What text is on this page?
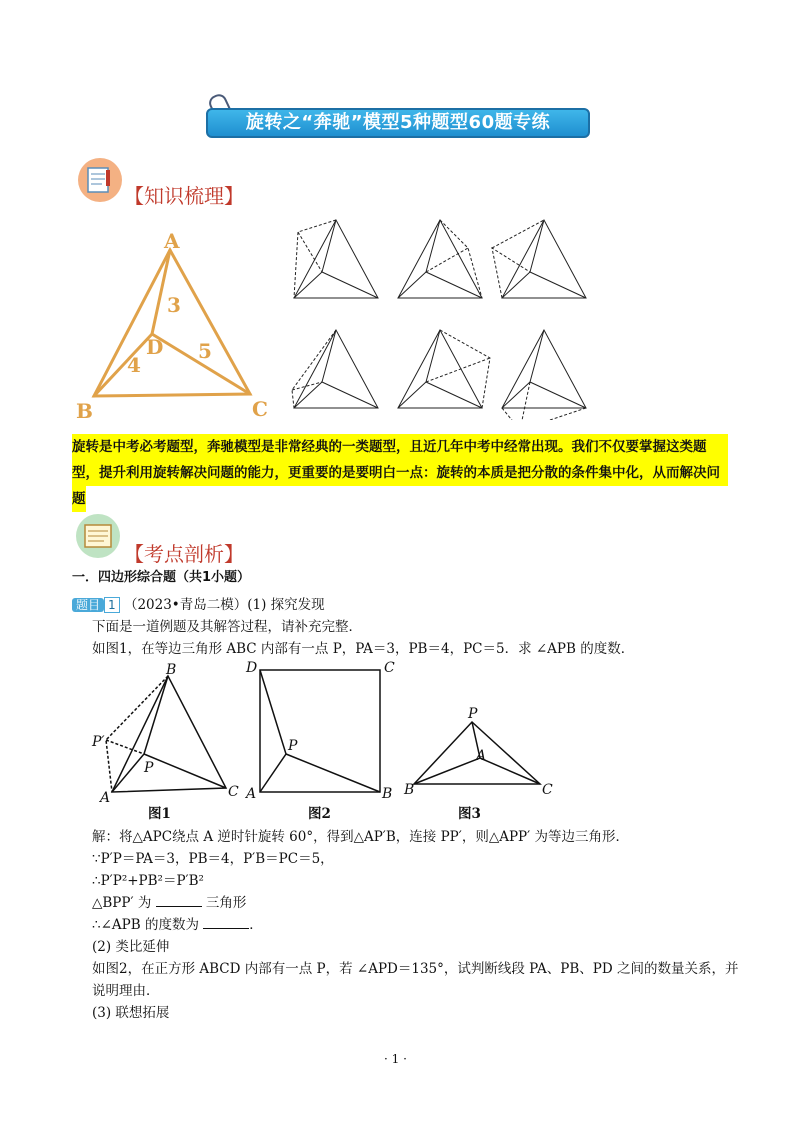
旋转之“奔驰”模型5种题型60题专练
【知识梳理】
A
B	C
D
3
4
5
旋转是中考必考题型，奔驰模型是非常经典的一类题型，且近几年中考中经常出现。我们不仅要掌握这类题
型，提升利用旋转解决问题的能力，更重要的是要明白一点：旋转的本质是把分散的条件集中化，从而解决问
题
【考点剖析】
一．四边形综合题（共1小题）
题目 1 （2023•青岛二模）(1) 探究发现
下面是一道例题及其解答过程，请补充完整．
如图1，在等边三角形 ABC 内部有一点 P，PA＝3，PB＝4，PC＝5．求 ∠APB 的度数．
B
P′
P
A	C
D	C
P
A	B
P
A
B	C
图1	图2	图3
解：将△APC绕点 A 逆时针旋转 60°，得到△AP′B，连接 PP′，则△APP′ 为等边三角形．
∵P′P＝PA＝3，PB＝4，P′B＝PC＝5，
∴P′P²+PB²＝P′B²
△BPP′ 为	三角形
∴∠APB 的度数为	．
(2) 类比延伸
如图2，在正方形 ABCD 内部有一点 P，若 ∠APD＝135°，试判断线段 PA、PB、PD 之间的数量关系，并
说明理由．
(3) 联想拓展
· 1 ·
